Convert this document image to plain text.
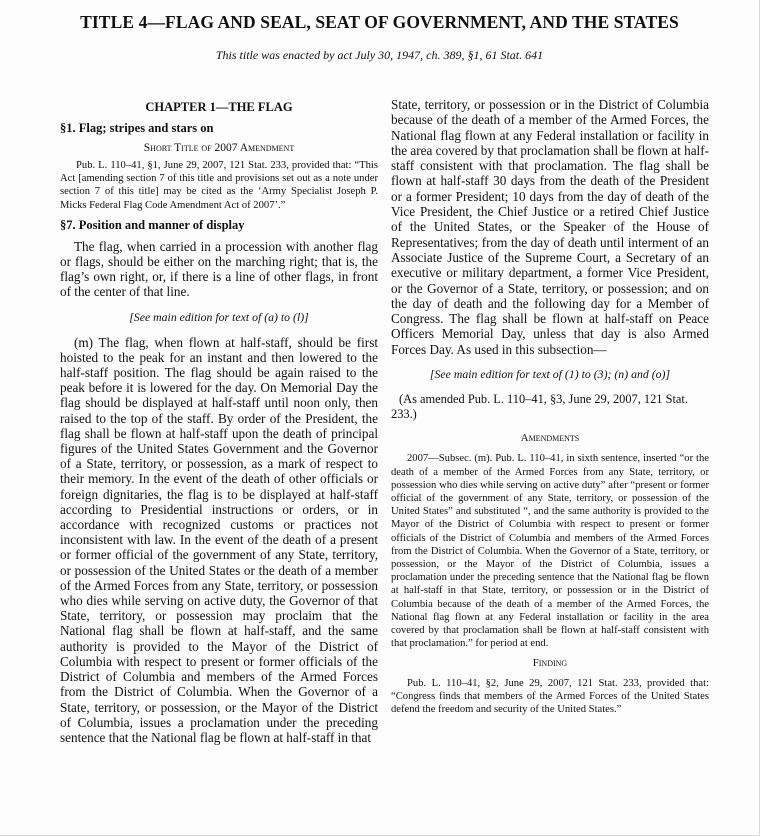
TITLE 4—FLAG AND SEAL, SEAT OF GOVERNMENT, AND THE STATES
This title was enacted by act July 30, 1947, ch. 389, §1, 61 Stat. 641
CHAPTER 1—THE FLAG
§1. Flag; stripes and stars on
Short Title of 2007 Amendment

Pub. L. 110–41, §1, June 29, 2007, 121 Stat. 233, provided that: “This Act [amending section 7 of this title and provisions set out as a note under section 7 of this title] may be cited as the ‘Army Specialist Joseph P. Micks Federal Flag Code Amendment Act of 2007’.”

§7. Position and manner of display

The flag, when carried in a procession with another flag or flags, should be either on the marching right; that is, the flag’s own right, or, if there is a line of other flags, in front of the center of that line.

[See main edition for text of (a) to (l)]

(m) The flag, when flown at half-staff, should be first hoisted to the peak for an instant and then lowered to the half-staff position. The flag should be again raised to the peak before it is lowered for the day. On Memorial Day the flag should be displayed at half-staff until noon only, then raised to the top of the staff. By order of the President, the flag shall be flown at half-staff upon the death of principal figures of the United States Government and the Governor of a State, territory, or possession, as a mark of respect to their memory. In the event of the death of other officials or foreign dignitaries, the flag is to be displayed at half-staff according to Presidential instructions or orders, or in accordance with recognized customs or practices not inconsistent with law. In the event of the death of a present or former official of the government of any State, territory, or possession of the United States or the death of a member of the Armed Forces from any State, territory, or possession who dies while serving on active duty, the Governor of that State, territory, or possession may proclaim that the National flag shall be flown at half-staff, and the same authority is provided to the Mayor of the District of Columbia with respect to present or former officials of the District of Columbia and members of the Armed Forces from the District of Columbia. When the Governor of a State, territory, or possession, or the Mayor of the District of Columbia, issues a proclamation under the preceding sentence that the National flag be flown at half-staff in that

State, territory, or possession or in the District of Columbia because of the death of a member of the Armed Forces, the National flag flown at any Federal installation or facility in the area covered by that proclamation shall be flown at half-staff consistent with that proclamation. The flag shall be flown at half-staff 30 days from the death of the President or a former President; 10 days from the day of death of the Vice President, the Chief Justice or a retired Chief Justice of the United States, or the Speaker of the House of Representatives; from the day of death until interment of an Associate Justice of the Supreme Court, a Secretary of an executive or military department, a former Vice President, or the Governor of a State, territory, or possession; and on the day of death and the following day for a Member of Congress. The flag shall be flown at half-staff on Peace Officers Memorial Day, unless that day is also Armed Forces Day. As used in this subsection—

[See main edition for text of (1) to (3); (n) and (o)]
(As amended Pub. L. 110–41, §3, June 29, 2007, 121 Stat. 233.)
Amendments

2007—Subsec. (m). Pub. L. 110–41, in sixth sentence, inserted “or the death of a member of the Armed Forces from any State, territory, or possession who dies while serving on active duty” after “present or former official of the government of any State, territory, or possession of the United States” and substituted “, and the same authority is provided to the Mayor of the District of Columbia with respect to present or former officials of the District of Columbia and members of the Armed Forces from the District of Columbia. When the Governor of a State, territory, or possession, or the Mayor of the District of Columbia, issues a proclamation under the preceding sentence that the National flag be flown at half-staff in that State, territory, or possession or in the District of Columbia because of the death of a member of the Armed Forces, the National flag flown at any Federal installation or facility in the area covered by that proclamation shall be flown at half-staff consistent with that proclamation.” for period at end.

Finding

Pub. L. 110–41, §2, June 29, 2007, 121 Stat. 233, provided that: “Congress finds that members of the Armed Forces of the United States defend the freedom and security of the United States.”
